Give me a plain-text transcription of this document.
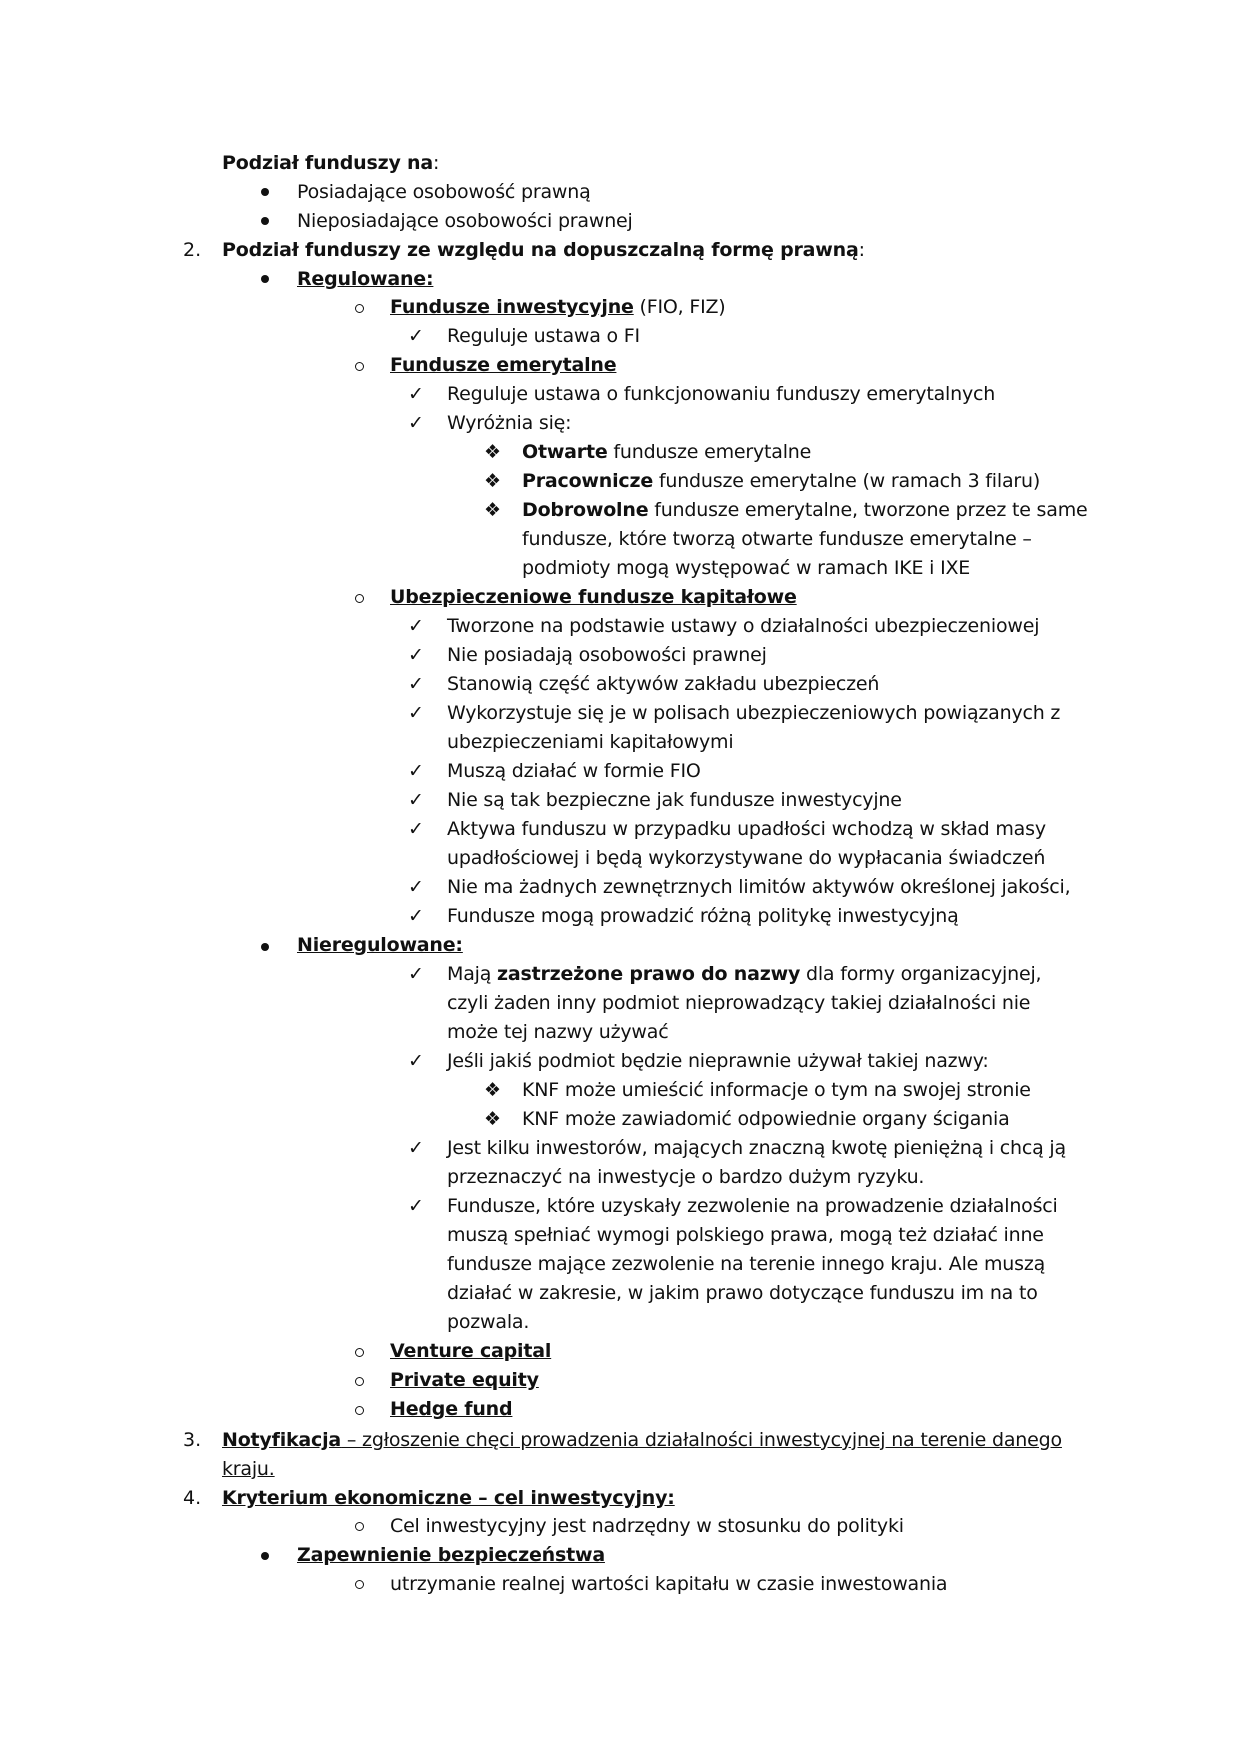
2.
3.
4.
✓
✓
✓
✓
✓
✓
✓
✓
✓
✓
✓
✓
✓
✓
✓
✓
❖
❖
❖
❖
❖
Podział funduszy na:
Posiadające osobowość prawną
Nieposiadające osobowości prawnej
Podział funduszy ze względu na dopuszczalną formę prawną:
Regulowane:
Fundusze inwestycyjne (FIO, FIZ)
Reguluje ustawa o FI
Fundusze emerytalne
Reguluje ustawa o funkcjonowaniu funduszy emerytalnych
Wyróżnia się:
Otwarte fundusze emerytalne
Pracownicze fundusze emerytalne (w ramach 3 filaru)
Dobrowolne fundusze emerytalne, tworzone przez te same
fundusze, które tworzą otwarte fundusze emerytalne –
podmioty mogą występować w ramach IKE i IXE
Ubezpieczeniowe fundusze kapitałowe
Tworzone na podstawie ustawy o działalności ubezpieczeniowej
Nie posiadają osobowości prawnej
Stanowią część aktywów zakładu ubezpieczeń
Wykorzystuje się je w polisach ubezpieczeniowych powiązanych z
ubezpieczeniami kapitałowymi
Muszą działać w formie FIO
Nie są tak bezpieczne jak fundusze inwestycyjne
Aktywa funduszu w przypadku upadłości wchodzą w skład masy
upadłościowej i będą wykorzystywane do wypłacania świadczeń
Nie ma żadnych zewnętrznych limitów aktywów określonej jakości,
Fundusze mogą prowadzić różną politykę inwestycyjną
Nieregulowane:
Mają zastrzeżone prawo do nazwy dla formy organizacyjnej,
czyli żaden inny podmiot nieprowadzący takiej działalności nie
może tej nazwy używać
Jeśli jakiś podmiot będzie nieprawnie używał takiej nazwy:
KNF może umieścić informacje o tym na swojej stronie
KNF może zawiadomić odpowiednie organy ścigania
Jest kilku inwestorów, mających znaczną kwotę pieniężną i chcą ją
przeznaczyć na inwestycje o bardzo dużym ryzyku.
Fundusze, które uzyskały zezwolenie na prowadzenie działalności
muszą spełniać wymogi polskiego prawa, mogą też działać inne
fundusze mające zezwolenie na terenie innego kraju. Ale muszą
działać w zakresie, w jakim prawo dotyczące funduszu im na to
pozwala.
Venture capital
Private equity
Hedge fund
Notyfikacja – zgłoszenie chęci prowadzenia działalności inwestycyjnej na terenie danego
kraju.
Kryterium ekonomiczne – cel inwestycyjny:
Cel inwestycyjny jest nadrzędny w stosunku do polityki
Zapewnienie bezpieczeństwa
utrzymanie realnej wartości kapitału w czasie inwestowania
